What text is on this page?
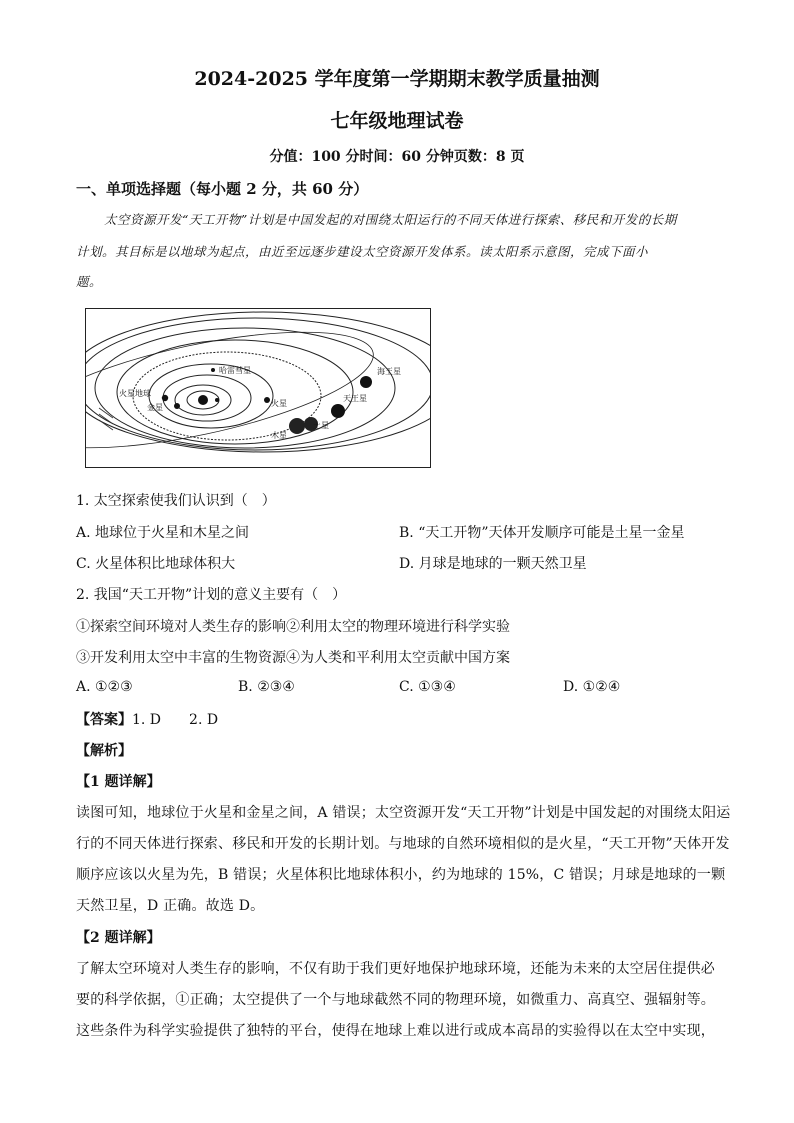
2024-2025 学年度第一学期期末教学质量抽测
七年级地理试卷
分值：100 分时间：60 分钟页数：8 页
一、单项选择题（每小题 2 分，共 60 分）
太空资源开发“天工开物”计划是中国发起的对围绕太阳运行的不同天体进行探索、移民和开发的长期
计划。其目标是以地球为起点，由近至远逐步建设太空资源开发体系。读太阳系示意图，完成下面小
题。
海王星
天王星
土星
木星
火星
火星 地球
金星
哈雷彗星
1. 太空探索使我们认识到（　）
A. 地球位于火星和木星之间	B. “天工开物”天体开发顺序可能是土星一金星
C. 火星体积比地球体积大	D. 月球是地球的一颗天然卫星
2. 我国“天工开物”计划的意义主要有（　）
①探索空间环境对人类生存的影响②利用太空的物理环境进行科学实验
③开发利用太空中丰富的生物资源④为人类和平利用太空贡献中国方案
A. ①②③	B. ②③④	C. ①③④	D. ①②④
【答案】1. D　　2. D
【解析】
【1 题详解】
读图可知，地球位于火星和金星之间，A 错误；太空资源开发“天工开物”计划是中国发起的对围绕太阳运
行的不同天体进行探索、移民和开发的长期计划。与地球的自然环境相似的是火星，“天工开物”天体开发
顺序应该以火星为先，B 错误；火星体积比地球体积小，约为地球的 15%，C 错误；月球是地球的一颗
天然卫星，D 正确。故选 D。
【2 题详解】
了解太空环境对人类生存的影响，不仅有助于我们更好地保护地球环境，还能为未来的太空居住提供必
要的科学依据，①正确；太空提供了一个与地球截然不同的物理环境，如微重力、高真空、强辐射等。
这些条件为科学实验提供了独特的平台，使得在地球上难以进行或成本高昂的实验得以在太空中实现，
